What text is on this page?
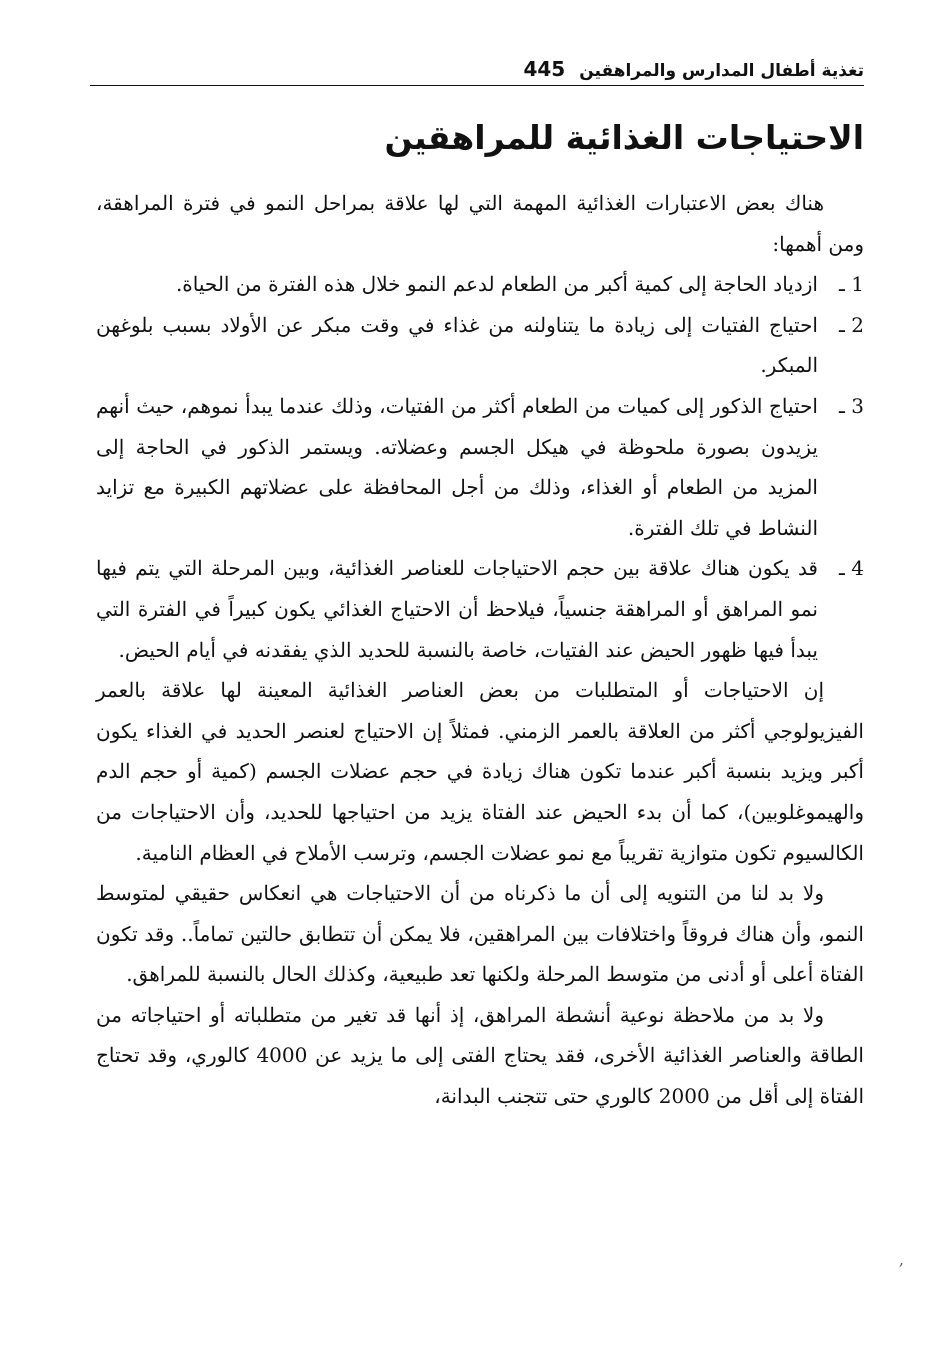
تغذية أطفال المدارس والمراهقين
445
الاحتياجات الغذائية للمراهقين

هناك بعض الاعتبارات الغذائية المهمة التي لها علاقة بمراحل النمو في فترة المراهقة، ومن أهمها:

1 ـ
ازدياد الحاجة إلى كمية أكبر من الطعام لدعم النمو خلال هذه الفترة من الحياة.
2 ـ
احتياج الفتيات إلى زيادة ما يتناولنه من غذاء في وقت مبكر عن الأولاد بسبب بلوغهن المبكر.
3 ـ
احتياج الذكور إلى كميات من الطعام أكثر من الفتيات، وذلك عندما يبدأ نموهم، حيث أنهم يزيدون بصورة ملحوظة في هيكل الجسم وعضلاته. ويستمر الذكور في الحاجة إلى المزيد من الطعام أو الغذاء، وذلك من أجل المحافظة على عضلاتهم الكبيرة مع تزايد النشاط في تلك الفترة.
4 ـ
قد يكون هناك علاقة بين حجم الاحتياجات للعناصر الغذائية، وبين المرحلة التي يتم فيها نمو المراهق أو المراهقة جنسياً، فيلاحظ أن الاحتياج الغذائي يكون كبيراً في الفترة التي يبدأ فيها ظهور الحيض عند الفتيات، خاصة بالنسبة للحديد الذي يفقدنه في أيام الحيض.

إن الاحتياجات أو المتطلبات من بعض العناصر الغذائية المعينة لها علاقة بالعمر الفيزيولوجي أكثر من العلاقة بالعمر الزمني. فمثلاً إن الاحتياج لعنصر الحديد في الغذاء يكون أكبر ويزيد بنسبة أكبر عندما تكون هناك زيادة في حجم عضلات الجسم (كمية أو حجم الدم والهيموغلوبين)، كما أن بدء الحيض عند الفتاة يزيد من احتياجها للحديد، وأن الاحتياجات من الكالسيوم تكون متوازية تقريباً مع نمو عضلات الجسم، وترسب الأملاح في العظام النامية.

ولا بد لنا من التنويه إلى أن ما ذكرناه من أن الاحتياجات هي انعكاس حقيقي لمتوسط النمو، وأن هناك فروقاً واختلافات بين المراهقين، فلا يمكن أن تتطابق حالتين تماماً.. وقد تكون الفتاة أعلى أو أدنى من متوسط المرحلة ولكنها تعد طبيعية، وكذلك الحال بالنسبة للمراهق.

ولا بد من ملاحظة نوعية أنشطة المراهق، إذ أنها قد تغير من متطلباته أو احتياجاته من الطاقة والعناصر الغذائية الأخرى، فقد يحتاج الفتى إلى ما يزيد عن 4000 كالوري، وقد تحتاج الفتاة إلى أقل من 2000 كالوري حتى تتجنب البدانة،

,
